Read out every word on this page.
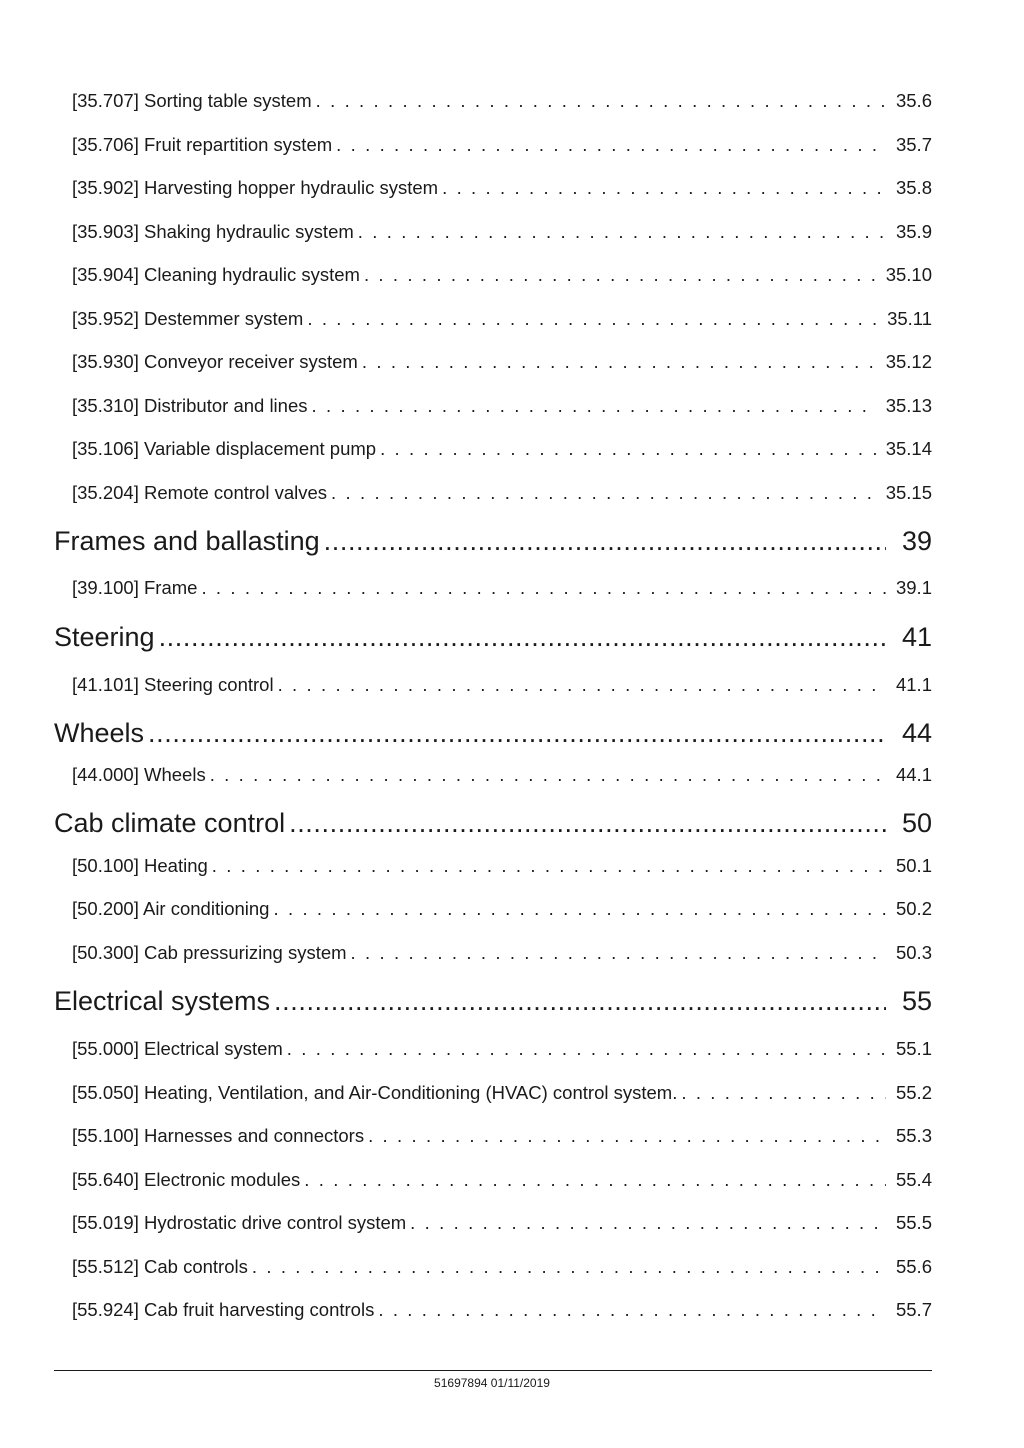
[35.707] Sorting table system . . .	35.6
[35.706] Fruit repartition system . . .	35.7
[35.902] Harvesting hopper hydraulic system . . .	35.8
[35.903] Shaking hydraulic system . . .	35.9
[35.904] Cleaning hydraulic system . . .	35.10
[35.952] Destemmer system . . .	35.11
[35.930] Conveyor receiver system . . .	35.12
[35.310] Distributor and lines . . .	35.13
[35.106] Variable displacement pump . . .	35.14
[35.204] Remote control valves . . .	35.15
Frames and ballasting .....	39
[39.100] Frame . . .	39.1
Steering .....	41
[41.101] Steering control . . .	41.1
Wheels .....	44
[44.000] Wheels . . .	44.1
Cab climate control .....	50
[50.100] Heating . . .	50.1
[50.200] Air conditioning . . .	50.2
[50.300] Cab pressurizing system . . .	50.3
Electrical systems .....	55
[55.000] Electrical system . . .	55.1
[55.050] Heating, Ventilation, and Air-Conditioning (HVAC) control system. . . .	55.2
[55.100] Harnesses and connectors . . .	55.3
[55.640] Electronic modules . . .	55.4
[55.019] Hydrostatic drive control system . . .	55.5
[55.512] Cab controls . . .	55.6
[55.924] Cab fruit harvesting controls . . .	55.7
51697894 01/11/2019
